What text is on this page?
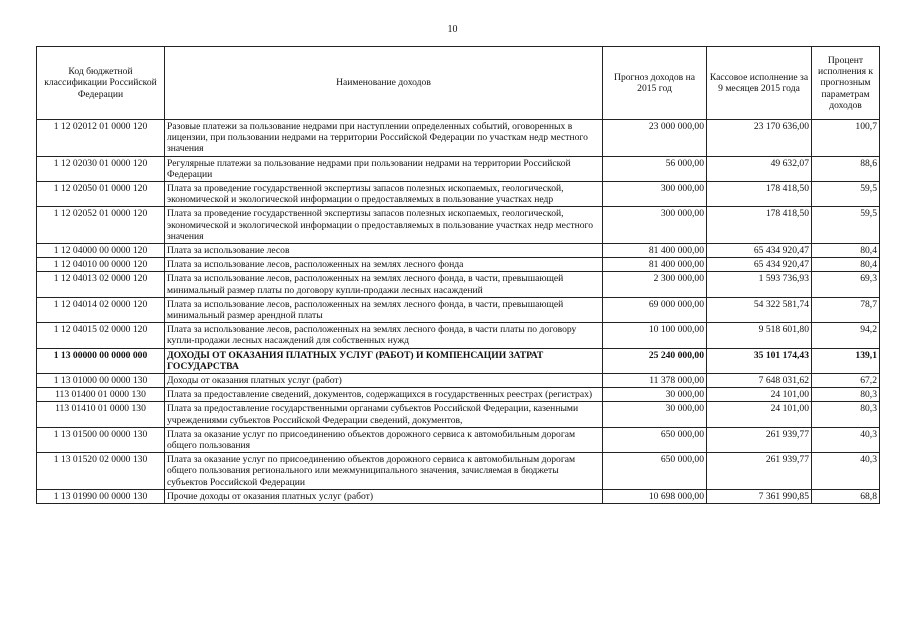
10
Код бюджетной классификации Российской Федерации	Наименование доходов	Прогноз доходов на 2015 год	Кассовое исполнение за 9 месяцев 2015 года	Процент исполнения к прогнозным параметрам доходов
1 12 02012 01 0000 120	Разовые платежи за пользование недрами при наступлении определенных событий, оговоренных в лицензии, при пользовании недрами на территории Российской Федерации по участкам недр местного значения	23 000 000,00	23 170 636,00	100,7
1 12 02030 01 0000 120	Регулярные платежи за пользование недрами при пользовании недрами на территории Российской Федерации	56 000,00	49 632,07	88,6
1 12 02050 01 0000 120	Плата за проведение государственной экспертизы запасов полезных ископаемых, геологической, экономической и экологической информации о предоставляемых в пользование участках недр	300 000,00	178 418,50	59,5
1 12 02052 01 0000 120	Плата за проведение государственной экспертизы запасов полезных ископаемых, геологической, экономической и экологической информации о предоставляемых в пользование участках недр местного значения	300 000,00	178 418,50	59,5
1 12 04000 00 0000 120	Плата за использование лесов	81 400 000,00	65 434 920,47	80,4
1 12 04010 00 0000 120	Плата за использование лесов, расположенных на землях лесного фонда	81 400 000,00	65 434 920,47	80,4
1 12 04013 02 0000 120	Плата за использование лесов, расположенных на землях лесного фонда, в части, превышающей минимальный размер платы по договору купли-продажи лесных насаждений	2 300 000,00	1 593 736,93	69,3
1 12 04014 02 0000 120	Плата за использование лесов, расположенных на землях лесного фонда, в части, превышающей минимальный размер арендной платы	69 000 000,00	54 322 581,74	78,7
1 12 04015 02 0000 120	Плата за использование лесов, расположенных на землях лесного фонда, в части платы по договору купли-продажи лесных насаждений для собственных нужд	10 100 000,00	9 518 601,80	94,2
1 13 00000 00 0000 000	ДОХОДЫ ОТ ОКАЗАНИЯ ПЛАТНЫХ УСЛУГ (РАБОТ) И КОМПЕНСАЦИИ ЗАТРАТ ГОСУДАРСТВА	25 240 000,00	35 101 174,43	139,1
1 13 01000 00 0000 130	Доходы от оказания платных услуг (работ)	11 378 000,00	7 648 031,62	67,2
113 01400 01 0000 130	Плата за предоставление сведений, документов, содержащихся в государственных реестрах (регистрах)	30 000,00	24 101,00	80,3
113 01410 01 0000 130	Плата за предоставление государственными органами субъектов Российской Федерации, казенными учреждениями субъектов Российской Федерации сведений, документов,	30 000,00	24 101,00	80,3
1 13 01500 00 0000 130	Плата за оказание услуг по присоединению объектов дорожного сервиса к автомобильным дорогам общего пользования	650 000,00	261 939,77	40,3
1 13 01520 02 0000 130	Плата за оказание услуг по присоединению объектов дорожного сервиса к автомобильным дорогам общего пользования регионального или межмуниципального значения, зачисляемая в бюджеты субъектов Российской Федерации	650 000,00	261 939,77	40,3
1 13 01990 00 0000 130	Прочие доходы от оказания платных услуг (работ)	10 698 000,00	7 361 990,85	68,8
